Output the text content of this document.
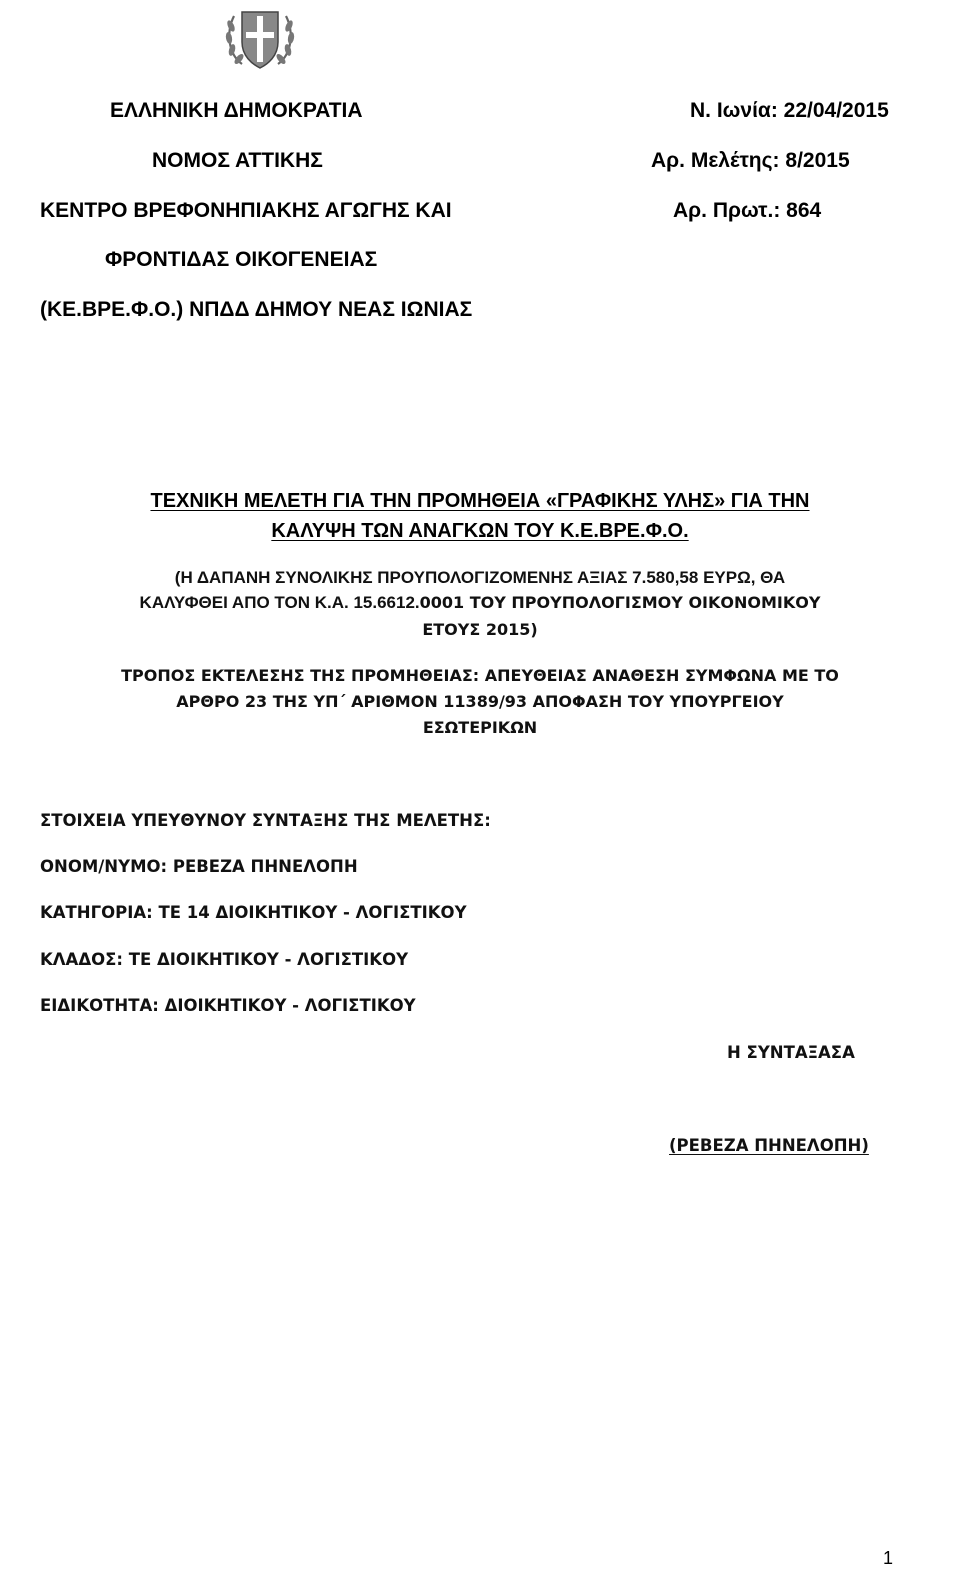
ΕΛΛΗΝΙΚΗ ΔΗΜΟΚΡΑΤΙΑ
ΝΟΜΟΣ ΑΤΤΙΚΗΣ
ΚΕΝΤΡΟ ΒΡΕΦΟΝΗΠΙΑΚΗΣ ΑΓΩΓΗΣ ΚΑΙ
ΦΡΟΝΤΙΔΑΣ ΟΙΚΟΓΕΝΕΙΑΣ
(ΚΕ.ΒΡΕ.Φ.Ο.) ΝΠΔΔ ΔΗΜΟΥ ΝΕΑΣ ΙΩΝΙΑΣ
Ν. Ιωνία: 22/04/2015
Αρ. Μελέτης: 8/2015
Αρ. Πρωτ.: 864
ΤΕΧΝΙΚΗ ΜΕΛΕΤΗ ΓΙΑ ΤΗΝ ΠΡΟΜΗΘΕΙΑ «ΓΡΑΦΙΚΗΣ ΥΛΗΣ» ΓΙΑ ΤΗΝ
ΚΑΛΥΨΗ ΤΩΝ ΑΝΑΓΚΩΝ ΤΟΥ Κ.Ε.ΒΡΕ.Φ.Ο.
(Η ΔΑΠΑΝΗ ΣΥΝΟΛΙΚΗΣ ΠΡΟΥΠΟΛΟΓΙΖΟΜΕΝΗΣ ΑΞΙΑΣ 7.580,58 ΕΥΡΩ, ΘΑ
ΚΑΛΥΦΘΕΙ ΑΠΟ ΤΟΝ Κ.Α. 15.6612.0001 ΤΟΥ ΠΡΟΥΠΟΛΟΓΙΣΜΟΥ ΟΙΚΟΝΟΜΙΚΟΥ
ΕΤΟΥΣ 2015)
ΤΡΟΠΟΣ ΕΚΤΕΛΕΣΗΣ ΤΗΣ ΠΡΟΜΗΘΕΙΑΣ: ΑΠΕΥΘΕΙΑΣ ΑΝΑΘΕΣΗ ΣΥΜΦΩΝΑ ΜΕ ΤΟ
ΑΡΘΡΟ 23 ΤΗΣ ΥΠ΄ ΑΡΙΘΜΟΝ 11389/93 ΑΠΟΦΑΣΗ ΤΟΥ ΥΠΟΥΡΓΕΙΟΥ
ΕΣΩΤΕΡΙΚΩΝ
ΣΤΟΙΧΕΙΑ ΥΠΕΥΘΥΝΟΥ ΣΥΝΤΑΞΗΣ ΤΗΣ ΜΕΛΕΤΗΣ:
ΟΝΟΜ/ΝΥΜΟ: ΡΕΒΕΖΑ ΠΗΝΕΛΟΠΗ
ΚΑΤΗΓΟΡΙΑ: ΤΕ 14 ΔΙΟΙΚΗΤΙΚΟΥ - ΛΟΓΙΣΤΙΚΟΥ
ΚΛΑΔΟΣ: ΤΕ ΔΙΟΙΚΗΤΙΚΟΥ - ΛΟΓΙΣΤΙΚΟΥ
ΕΙΔΙΚΟΤΗΤΑ: ΔΙΟΙΚΗΤΙΚΟΥ - ΛΟΓΙΣΤΙΚΟΥ
Η ΣΥΝΤΑΞΑΣΑ
(ΡΕΒΕΖΑ ΠΗΝΕΛΟΠΗ)
1
